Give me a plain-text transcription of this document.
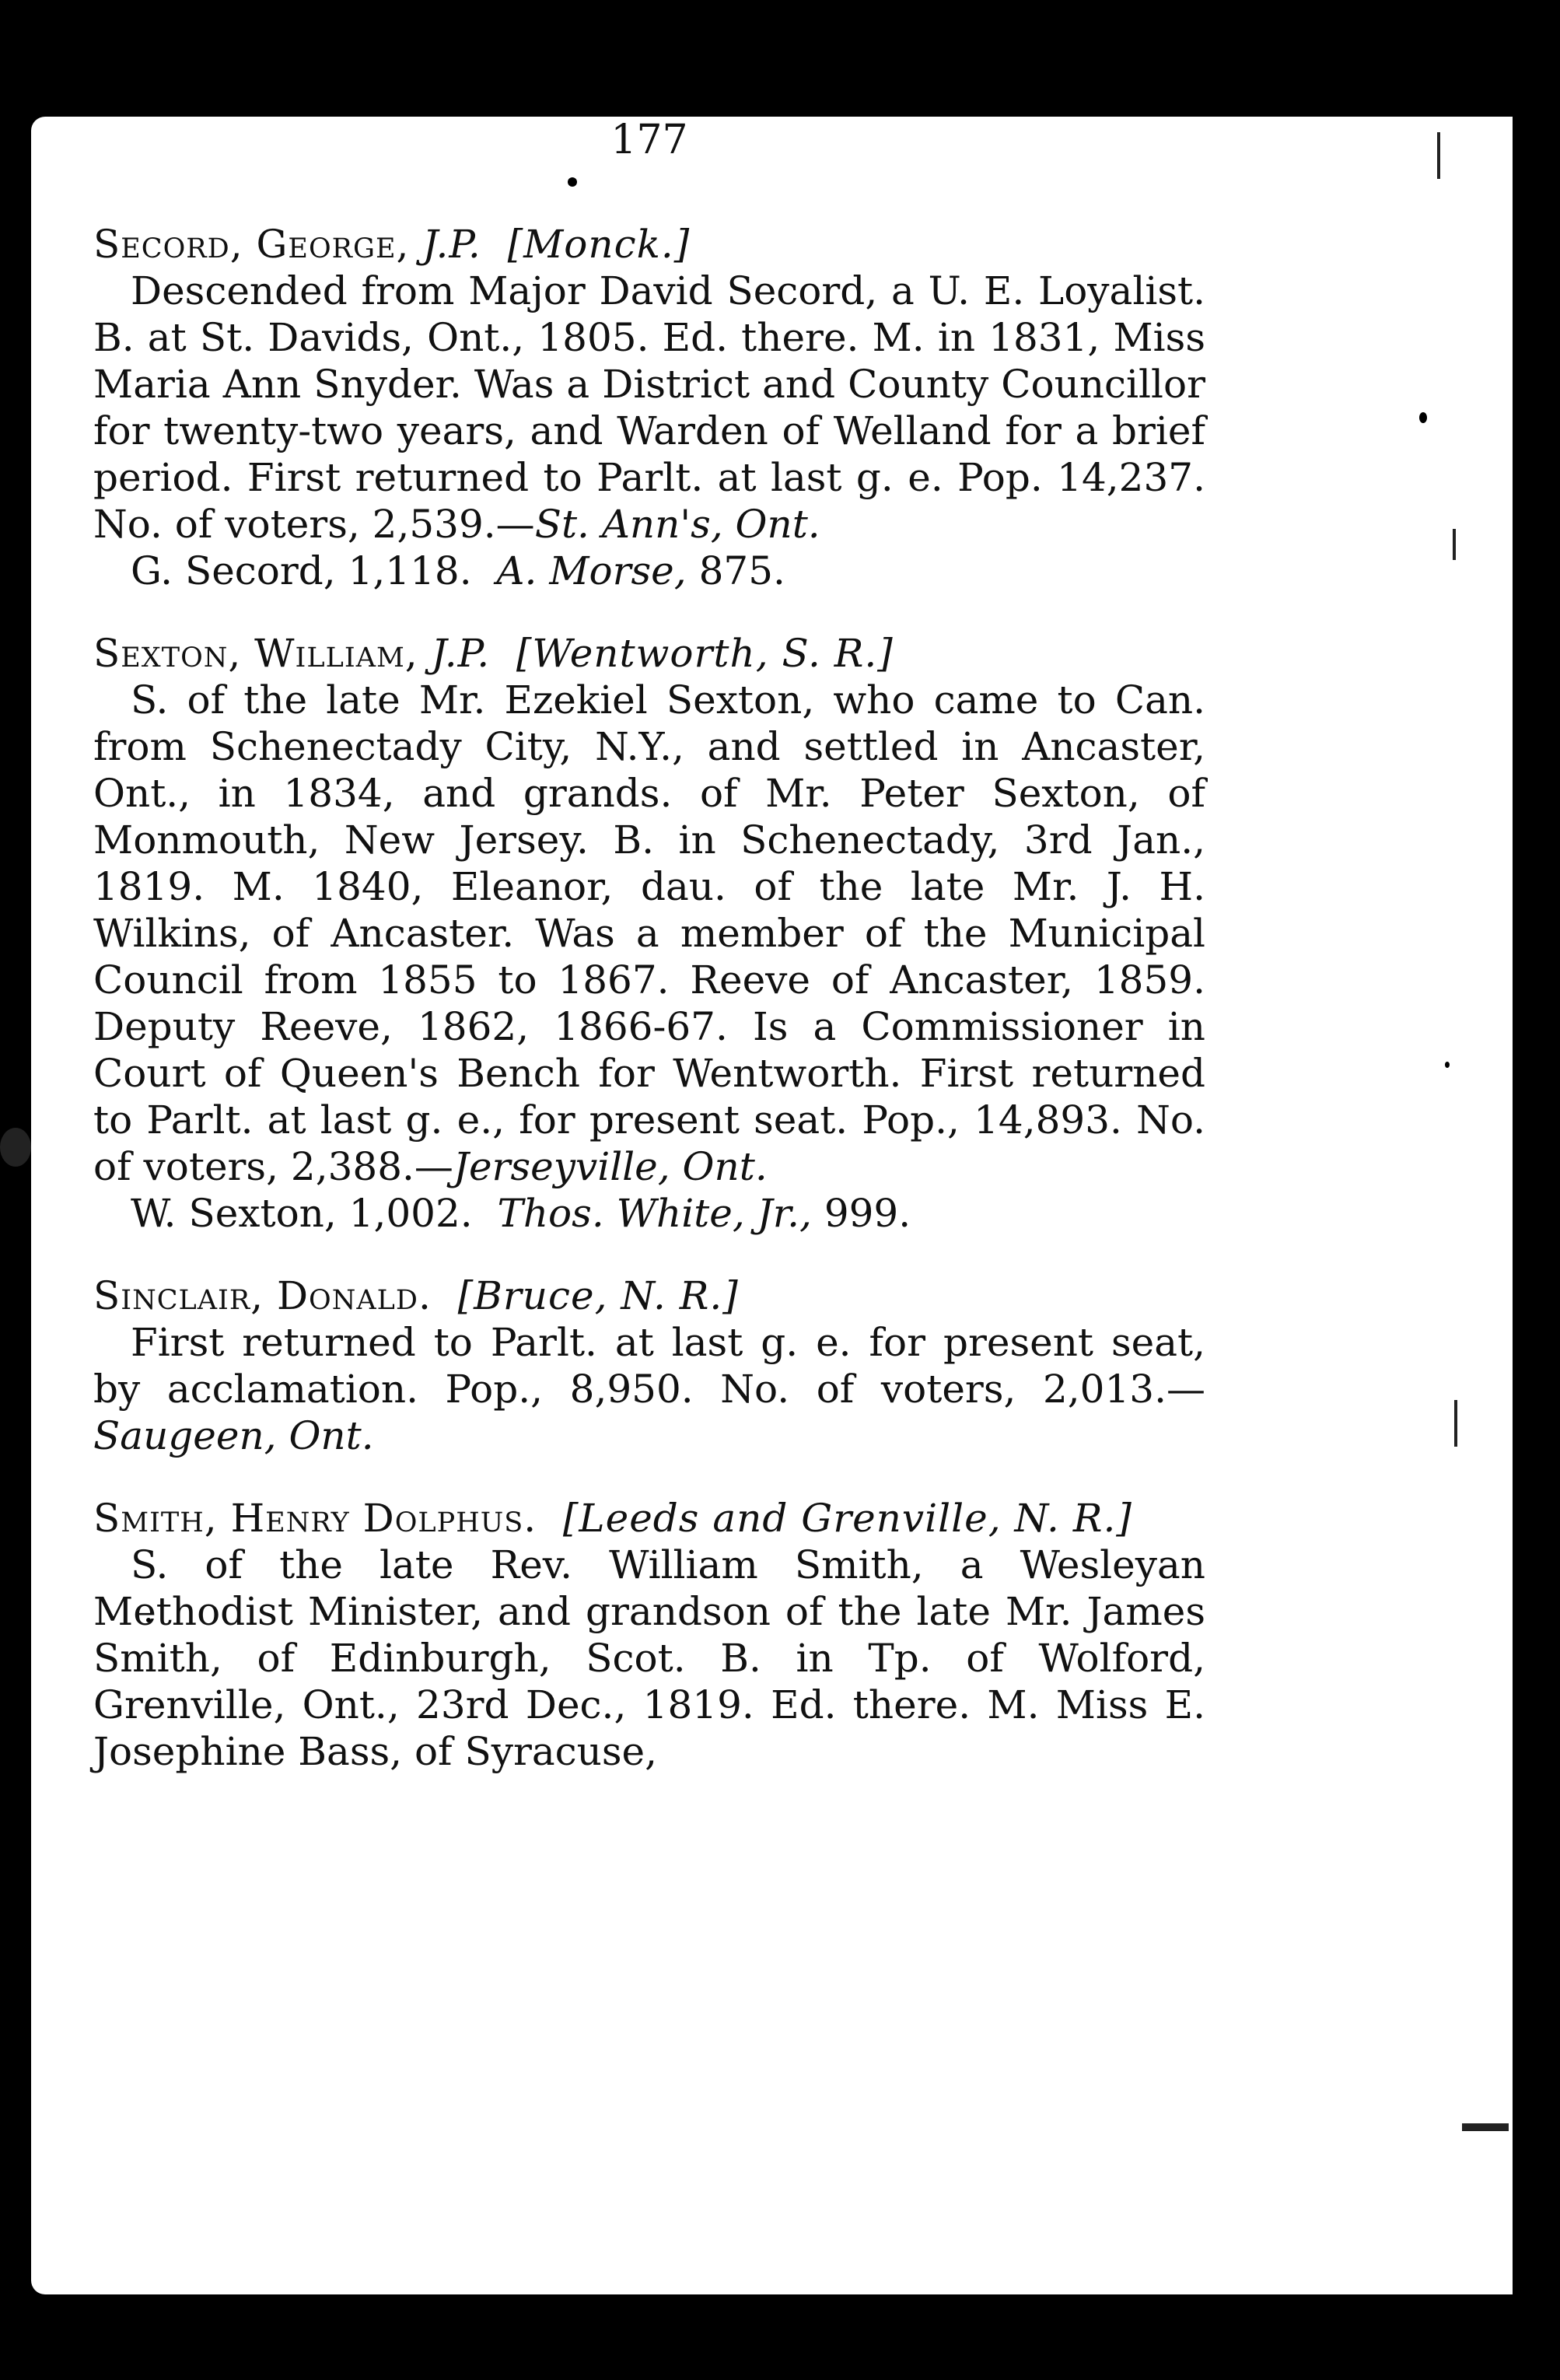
177

Secord, George, J.P. [Monck.]

Descended from Major David Secord, a U. E. Loyalist. B. at St. Davids, Ont., 1805. Ed. there. M. in 1831, Miss Maria Ann Snyder. Was a District and County Councillor for twenty-two years, and Warden of Welland for a brief period. First returned to Parlt. at last g. e. Pop. 14,237. No. of voters, 2,539.—St. Ann's, Ont.

G. Secord, 1,118. A. Morse, 875.

Sexton, William, J.P. [Wentworth, S. R.]

S. of the late Mr. Ezekiel Sexton, who came to Can. from Schenectady City, N.Y., and settled in Ancaster, Ont., in 1834, and grands. of Mr. Peter Sexton, of Monmouth, New Jersey. B. in Schenectady, 3rd Jan., 1819. M. 1840, Eleanor, dau. of the late Mr. J. H. Wilkins, of Ancaster. Was a member of the Municipal Council from 1855 to 1867. Reeve of Ancaster, 1859. Deputy Reeve, 1862, 1866-67. Is a Commissioner in Court of Queen's Bench for Wentworth. First returned to Parlt. at last g. e., for present seat. Pop., 14,893. No. of voters, 2,388.—Jerseyville, Ont.

W. Sexton, 1,002. Thos. White, Jr., 999.

Sinclair, Donald. [Bruce, N. R.]

First returned to Parlt. at last g. e. for present seat, by acclamation. Pop., 8,950. No. of voters, 2,013.—Saugeen, Ont.

Smith, Henry Dolphus. [Leeds and Grenville, N. R.]

S. of the late Rev. William Smith, a Wesleyan Methodist Minister, and grandson of the late Mr. James Smith, of Edinburgh, Scot. B. in Tp. of Wolford, Grenville, Ont., 23rd Dec., 1819. Ed. there. M. Miss E. Josephine Bass, of Syracuse,
